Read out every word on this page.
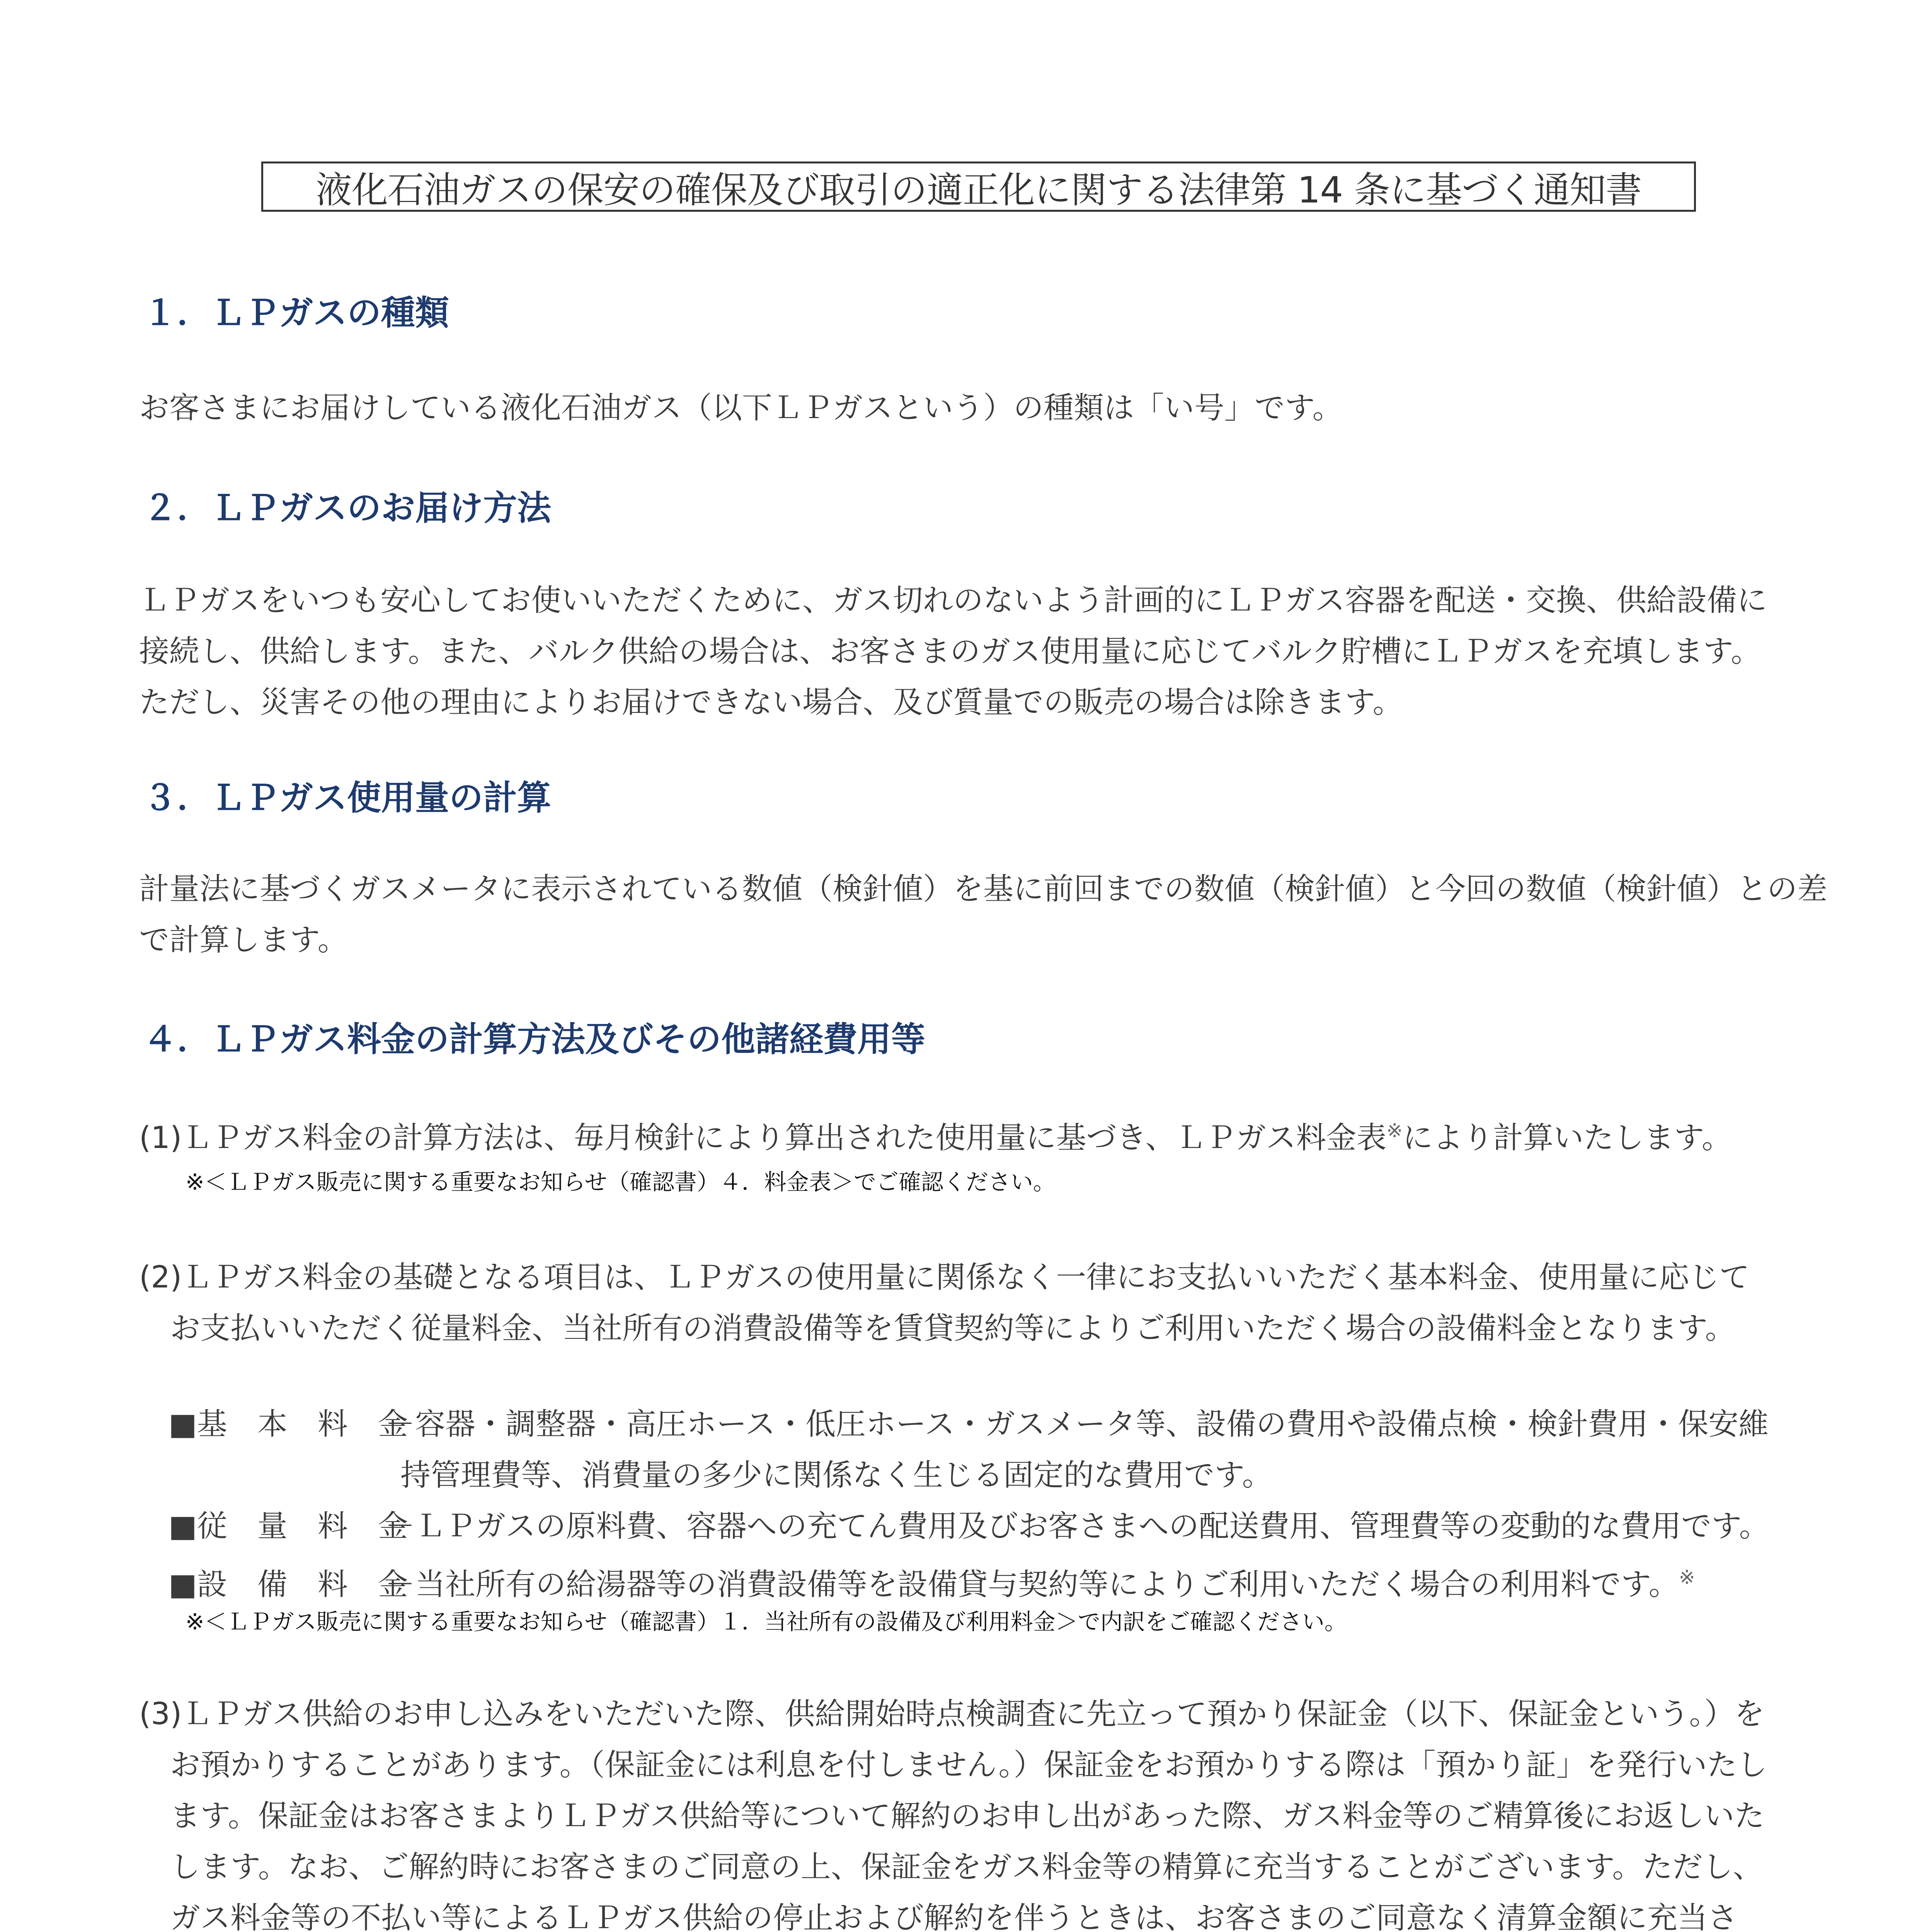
液化石油ガスの保安の確保及び取引の適正化に関する法律第 14 条に基づく通知書
１．ＬＰガスの種類
お客さまにお届けしている液化石油ガス（以下ＬＰガスという）の種類は「い号」です。
２．ＬＰガスのお届け方法
ＬＰガスをいつも安心してお使いいただくために、ガス切れのないよう計画的にＬＰガス容器を配送・交換、供給設備に
接続し、供給します。また、バルク供給の場合は、お客さまのガス使用量に応じてバルク貯槽にＬＰガスを充填します。
ただし、災害その他の理由によりお届けできない場合、及び質量での販売の場合は除きます。
３．ＬＰガス使用量の計算
計量法に基づくガスメータに表示されている数値（検針値）を基に前回までの数値（検針値）と今回の数値（検針値）との差
で計算します。
４．ＬＰガス料金の計算方法及びその他諸経費用等
(1)ＬＰガス料金の計算方法は、毎月検針により算出された使用量に基づき、ＬＰガス料金表※により計算いたします。
※＜ＬＰガス販売に関する重要なお知らせ（確認書）４．料金表＞でご確認ください。
(2)ＬＰガス料金の基礎となる項目は、ＬＰガスの使用量に関係なく一律にお支払いいただく基本料金、使用量に応じて
お支払いいただく従量料金、当社所有の消費設備等を賃貸契約等によりご利用いただく場合の設備料金となります。
■基　本　料　金－容器・調整器・高圧ホース・低圧ホース・ガスメータ等、設備の費用や設備点検・検針費用・保安維
持管理費等、消費量の多少に関係なく生じる固定的な費用です。
■従　量　料　金－ＬＰガスの原料費、容器への充てん費用及びお客さまへの配送費用、管理費等の変動的な費用です。
■設　備　料　金－当社所有の給湯器等の消費設備等を設備貸与契約等によりご利用いただく場合の利用料です。※
※＜ＬＰガス販売に関する重要なお知らせ（確認書）１．当社所有の設備及び利用料金＞で内訳をご確認ください。
(3)ＬＰガス供給のお申し込みをいただいた際、供給開始時点検調査に先立って預かり保証金（以下、保証金という。）を
お預かりすることがあります。（保証金には利息を付しません。）保証金をお預かりする際は「預かり証」を発行いたし
ます。保証金はお客さまよりＬＰガス供給等について解約のお申し出があった際、ガス料金等のご精算後にお返しいた
します。なお、ご解約時にお客さまのご同意の上、保証金をガス料金等の精算に充当することがございます。ただし、
ガス料金等の不払い等によるＬＰガス供給の停止および解約を伴うときは、お客さまのご同意なく清算金額に充当さ
